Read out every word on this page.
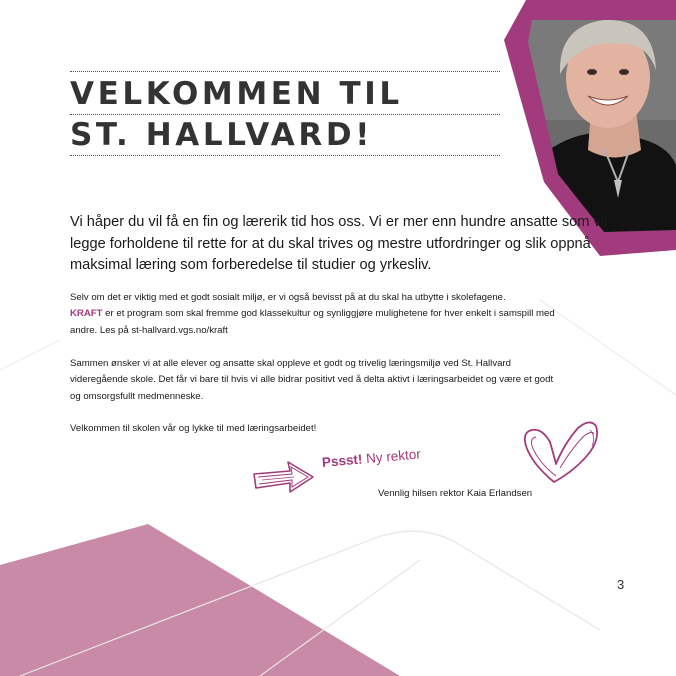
VELKOMMEN TIL
ST. HALLVARD!
Vi håper du vil få en fin og lærerik tid hos oss. Vi er mer enn hundre ansatte som vil legge forholdene til rette for at du skal trives og mestre utfordringer og slik oppnå maksimal læring som forberedelse til studier og yrkesliv.
Selv om det er viktig med et godt sosialt miljø, er vi også bevisst på at du skal ha utbytte i skolefagene.
KRAFT er et program som skal fremme god klassekultur og synliggjøre mulighetene for hver enkelt i samspill med andre. Les på st-hallvard.vgs.no/kraft
Sammen ønsker vi at alle elever og ansatte skal oppleve et godt og trivelig læringsmiljø ved St. Hallvard videregående skole. Det får vi bare til hvis vi alle bidrar positivt ved å delta aktivt i læringsarbeidet og være et godt og omsorgsfullt medmenneske.
Velkommen til skolen vår og lykke til med læringsarbeidet!
Pssst! Ny rektor
Vennlig hilsen rektor Kaia Erlandsen
3
